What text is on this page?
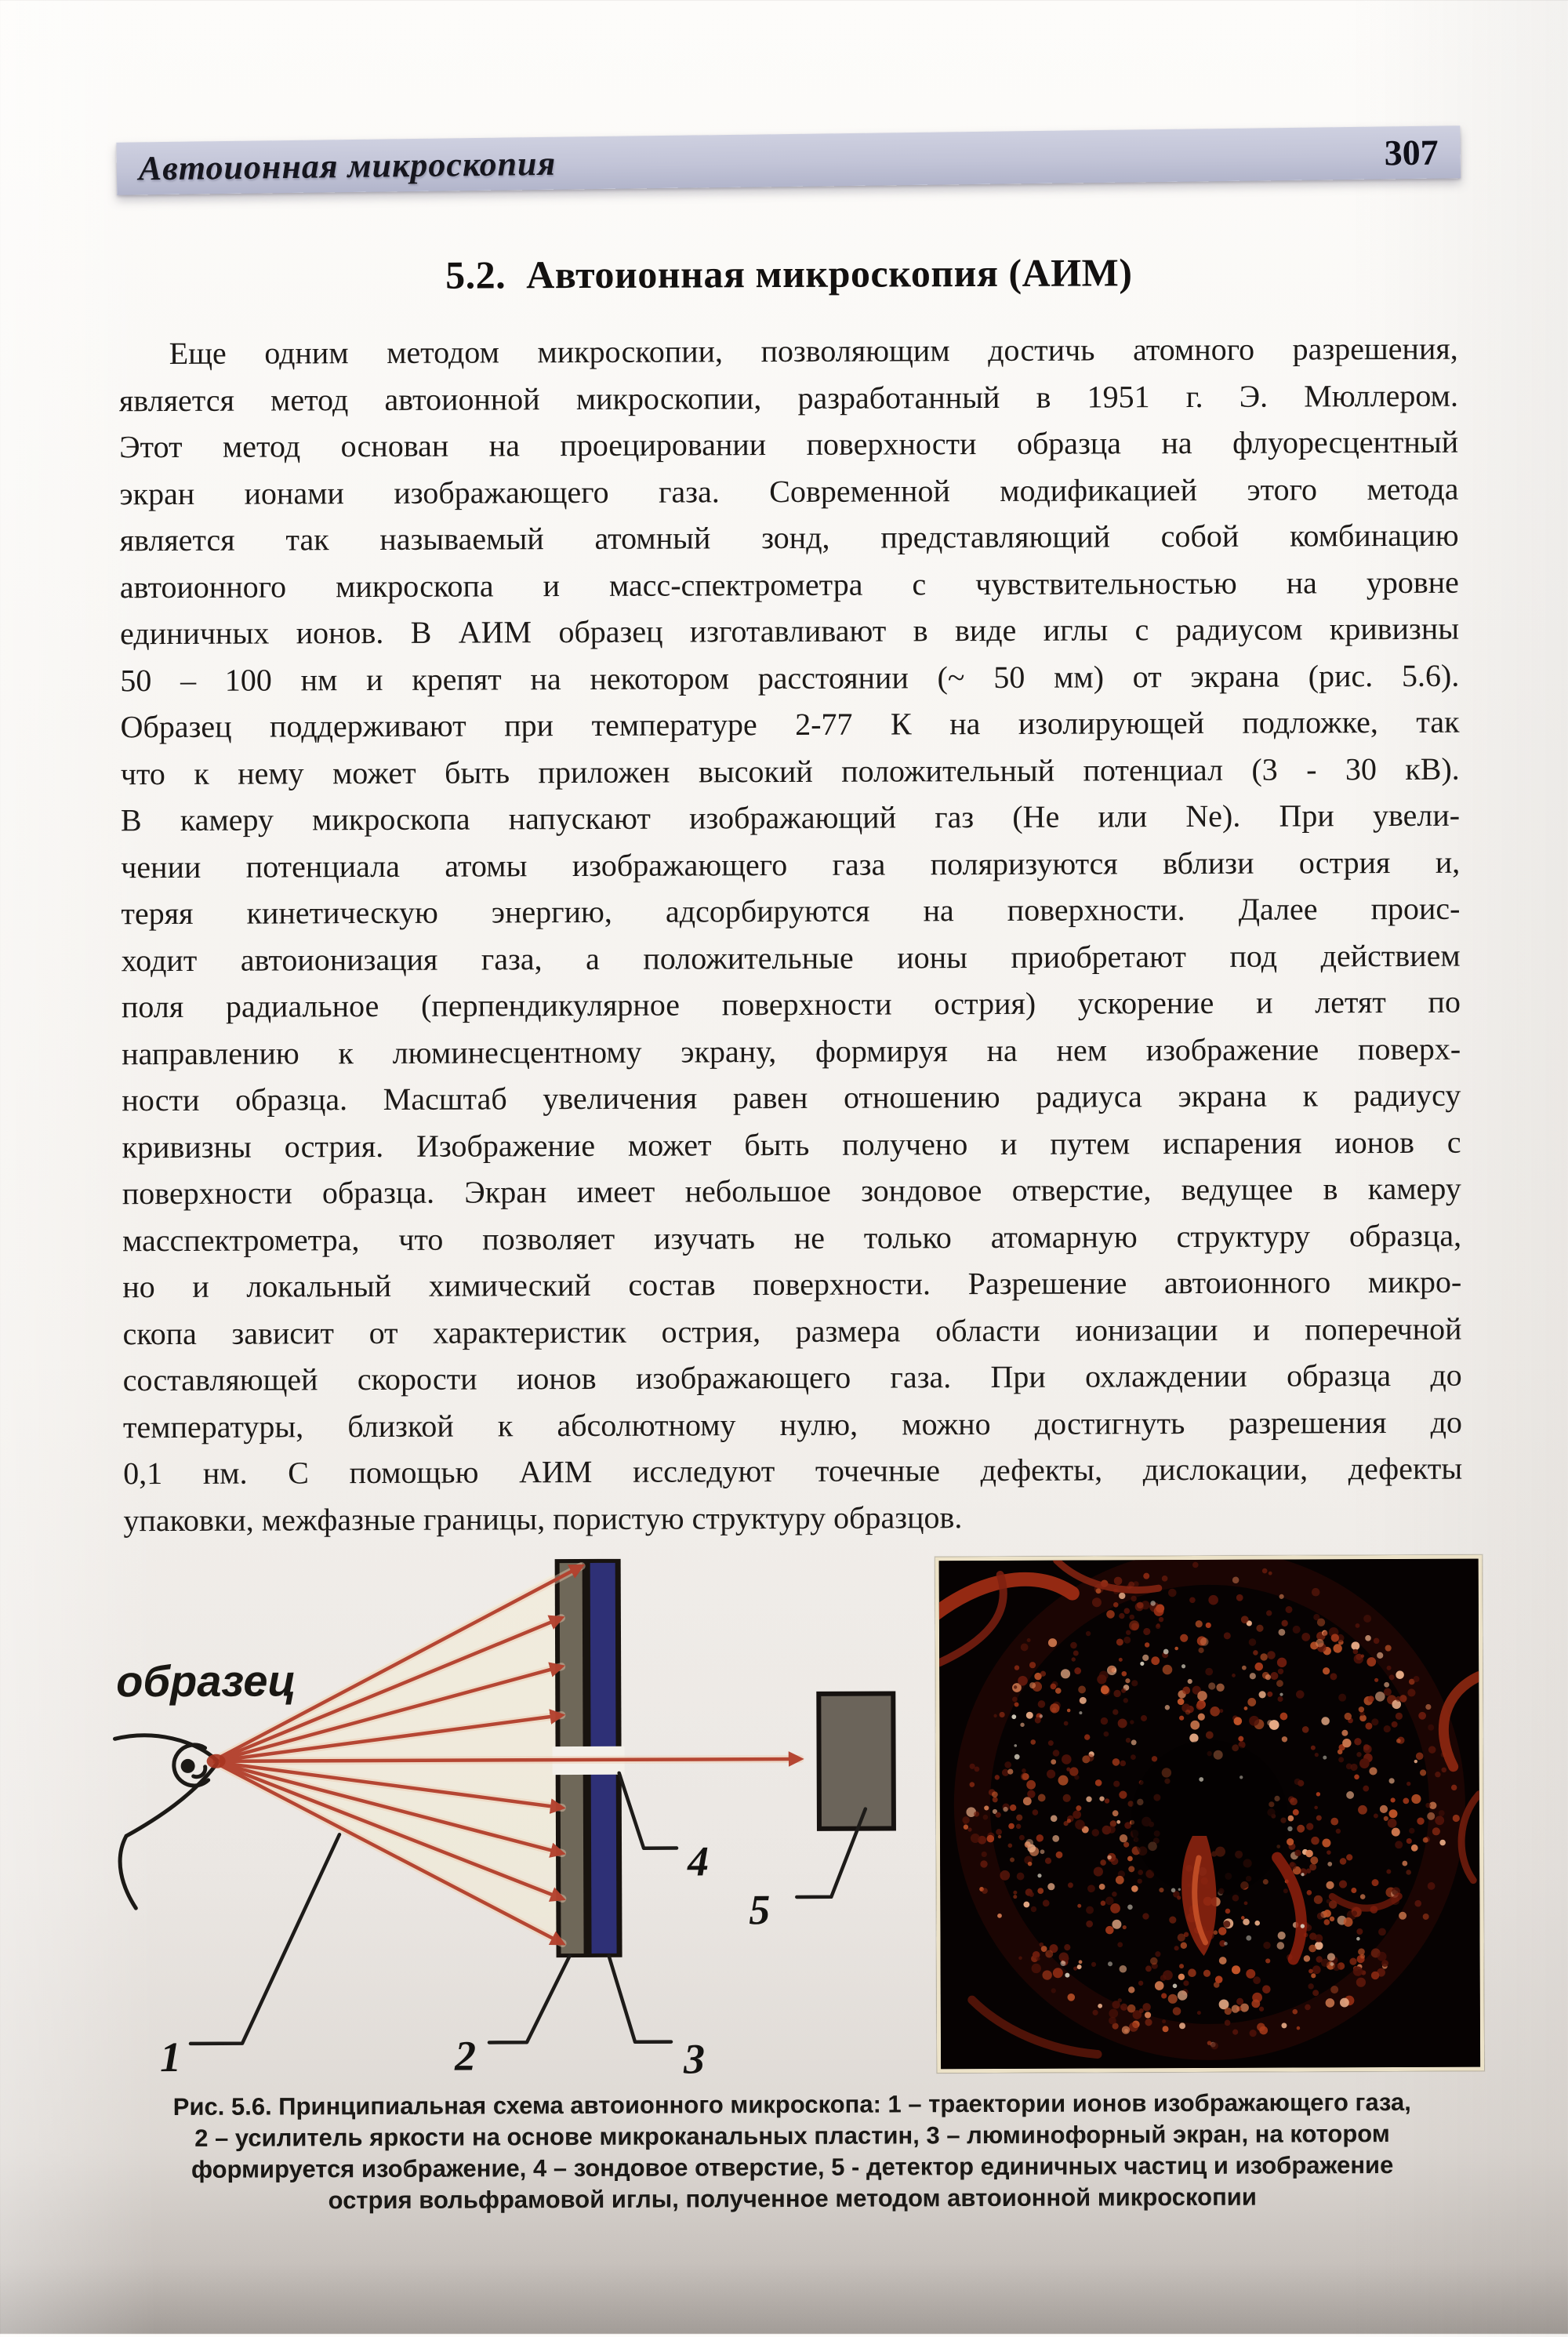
Автоионная микроскопия	307
5.2.  Автоионная микроскопия (АИМ)
Еще одним методом микроскопии, позволяющим достичь атомного разрешения,
является метод автоионной микроскопии, разработанный в 1951 г. Э. Мюллером.
Этот метод основан на проецировании поверхности образца на флуоресцентный
экран ионами изображающего газа. Современной модификацией этого метода
является так называемый атомный зонд, представляющий собой комбинацию
автоионного микроскопа и масс-спектрометра с чувствительностью на уровне
единичных ионов. В АИМ образец изготавливают в виде иглы с радиусом кривизны
50 – 100 нм и крепят на некотором расстоянии (~ 50 мм) от экрана (рис. 5.6).
Образец поддерживают при температуре 2-77 К на изолирующей подложке, так
что к нему может быть приложен высокий положительный потенциал (3 - 30 кВ).
В камеру микроскопа напускают изображающий газ (He или Ne). При увели-
чении потенциала атомы изображающего газа поляризуются вблизи острия и,
теряя кинетическую энергию, адсорбируются на поверхности. Далее проис-
ходит автоионизация газа, а положительные ионы приобретают под действием
поля радиальное (перпендикулярное поверхности острия) ускорение и летят по
направлению к люминесцентному экрану, формируя на нем изображение поверх-
ности образца. Масштаб увеличения равен отношению радиуса экрана к радиусу
кривизны острия. Изображение может быть получено и путем испарения ионов с
поверхности образца. Экран имеет небольшое зондовое отверстие, ведущее в камеру
масспектрометра, что позволяет изучать не только атомарную структуру образца,
но и локальный химический состав поверхности. Разрешение автоионного микро-
скопа зависит от характеристик острия, размера области ионизации и поперечной
составляющей скорости ионов изображающего газа. При охлаждении образца до
температуры, близкой к абсолютному нулю, можно достигнуть разрешения до
0,1 нм. С помощью АИМ исследуют точечные дефекты, дислокации, дефекты
упаковки, межфазные границы, пористую структуру образцов.
образец
1	2	3
4
5
Рис. 5.6. Принципиальная схема автоионного микроскопа: 1 – траектории ионов изображающего газа,
2 – усилитель яркости на основе микроканальных пластин, 3 – люминофорный экран, на котором
формируется изображение, 4 – зондовое отверстие, 5 - детектор единичных частиц и изображение
острия вольфрамовой иглы, полученное методом автоионной микроскопии
